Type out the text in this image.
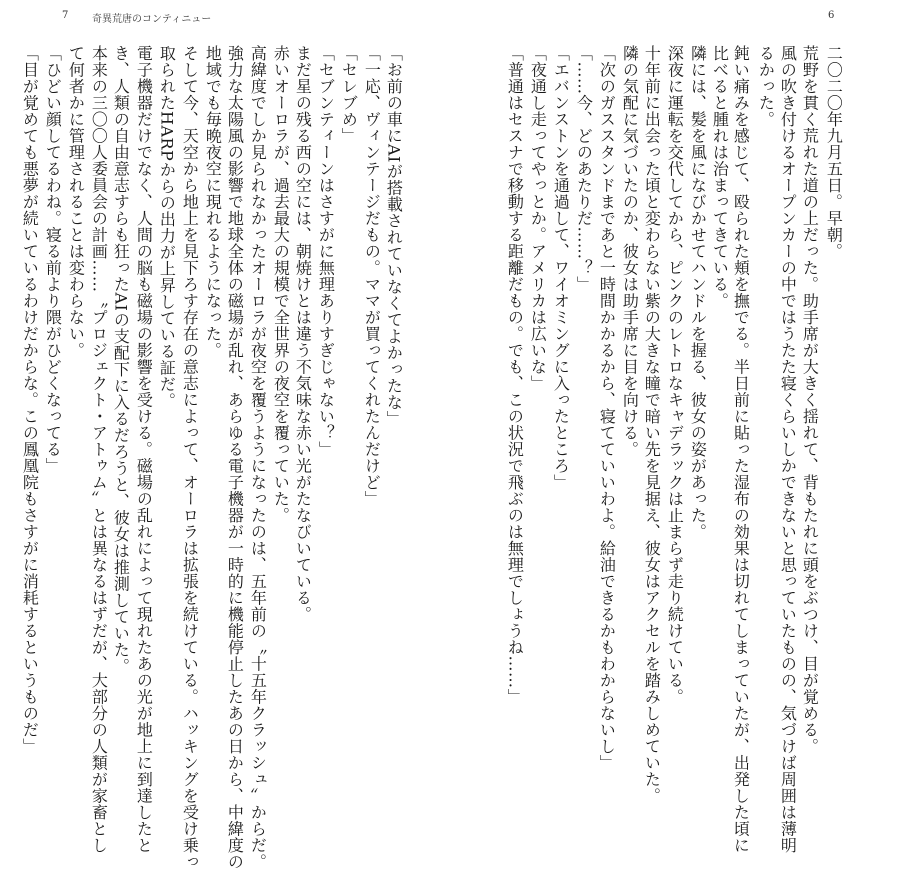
7 奇異荒唐のコンティニュー	6
二〇二〇年九月五日。早朝。
荒野を貫く荒れた道の上だった。助手席が大きく揺れて、背もたれに頭をぶつけ、目が覚める。
風の吹き付けるオープンカーの中ではうたた寝くらいしかできないと思っていたものの、気づけば周囲は薄明
るかった。
鈍い痛みを感じて、殴られた頬を撫でる。半日前に貼った湿布の効果は切れてしまっていたが、出発した頃に
比べると腫れは治まってきている。
隣には、髪を風になびかせてハンドルを握る、彼女の姿があった。
深夜に運転を交代してから、ピンクのレトロなキャデラックは止まらず走り続けている。
十年前に出会った頃と変わらない紫の大きな瞳で暗い先を見据え、彼女はアクセルを踏みしめていた。
隣の気配に気づいたのか、彼女は助手席に目を向ける。
「次のガススタンドまであと一時間かかるから、寝てていいわよ。給油できるかもわからないし」
「……今、どのあたりだ……？」
「エバンストンを通過して、ワイオミングに入ったところ」
「夜通し走ってやっとか。アメリカは広いな」
「普通はセスナで移動する距離だもの。でも、この状況で飛ぶのは無理でしょうね……」
「お前の車にAIが搭載されていなくてよかったな」
「一応、ヴィンテージだもの。ママが買ってくれたんだけど」
「セレブめ」
「セブンティーンはさすがに無理ありすぎじゃない？」
まだ星の残る西の空には、朝焼けとは違う不気味な赤い光がたなびいている。
赤いオーロラが、過去最大の規模で全世界の夜空を覆っていた。
高緯度でしか見られなかったオーロラが夜空を覆うようになったのは、五年前の〝十五年クラッシュ〟からだ。
強力な太陽風の影響で地球全体の磁場が乱れ、あらゆる電子機器が一時的に機能停止したあの日から、中緯度の
地域でも毎晩夜空に現れるようになった。
そして今、天空から地上を見下ろす存在の意志によって、オーロラは拡張を続けている。ハッキングを受け乗っ
取られたHARPからの出力が上昇している証だ。
電子機器だけでなく、人間の脳も磁場の影響を受ける。磁場の乱れによって現れたあの光が地上に到達したと
き、人類の自由意志すらも狂ったAIの支配下に入るだろうと、彼女は推測していた。
本来の三〇〇人委員会の計画……〝プロジェクト・アトゥム〟とは異なるはずだが、大部分の人類が家畜とし
て何者かに管理されることは変わらない。
「ひどい顔してるわね。寝る前より隈がひどくなってる」
「目が覚めても悪夢が続いているわけだからな。この鳳凰院もさすがに消耗するというものだ」
